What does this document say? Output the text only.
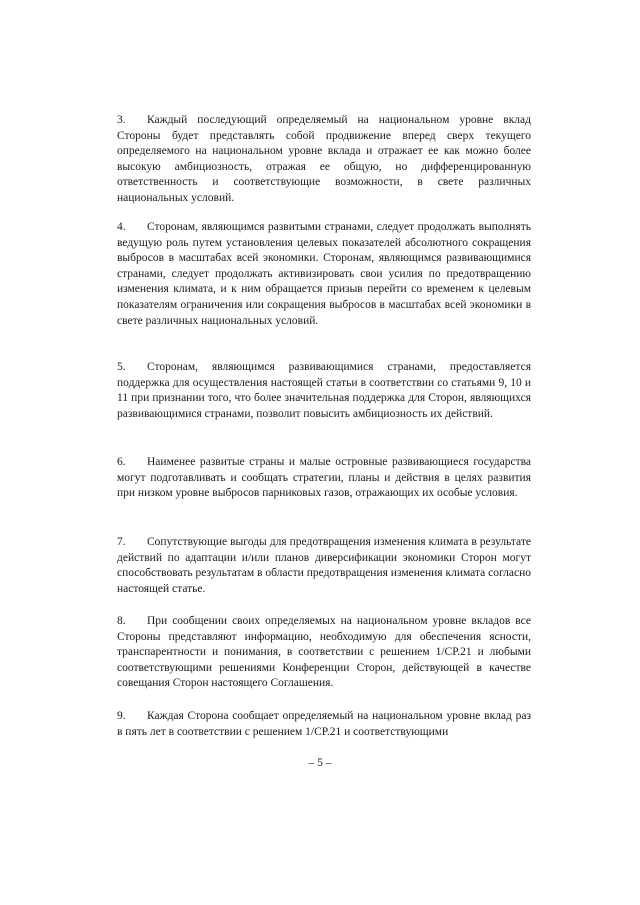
3. Каждый последующий определяемый на национальном уровне вклад Стороны будет представлять собой продвижение вперед сверх текущего определяемого на национальном уровне вклада и отражает ее как можно более высокую амбициозность, отражая ее общую, но дифференцированную ответственность и соответствующие возможности, в свете различных национальных условий.

4. Сторонам, являющимся развитыми странами, следует продолжать выполнять ведущую роль путем установления целевых показателей абсолютного сокращения выбросов в масштабах всей экономики. Сторонам, являющимся развивающимися странами, следует продолжать активизировать свои усилия по предотвращению изменения климата, и к ним обращается призыв перейти со временем к целевым показателям ограничения или сокращения выбросов в масштабах всей экономики в свете различных национальных условий.

5. Сторонам, являющимся развивающимися странами, предоставляется поддержка для осуществления настоящей статьи в соответствии со статьями 9, 10 и 11 при признании того, что более значительная поддержка для Сторон, являющихся развивающимися странами, позволит повысить амбициозность их действий.

6. Наименее развитые страны и малые островные развивающиеся государства могут подготавливать и сообщать стратегии, планы и действия в целях развития при низком уровне выбросов парниковых газов, отражающих их особые условия.

7. Сопутствующие выгоды для предотвращения изменения климата в результате действий по адаптации и/или планов диверсификации экономики Сторон могут способствовать результатам в области предотвращения изменения климата согласно настоящей статье.

8. При сообщении своих определяемых на национальном уровне вкладов все Стороны представляют информацию, необходимую для обеспечения ясности, транспарентности и понимания, в соответствии с решением 1/CP.21 и любыми соответствующими решениями Конференции Сторон, действующей в качестве совещания Сторон настоящего Соглашения.

9. Каждая Сторона сообщает определяемый на национальном уровне вклад раз в пять лет в соответствии с решением 1/CP.21 и соответствующими

– 5 –
